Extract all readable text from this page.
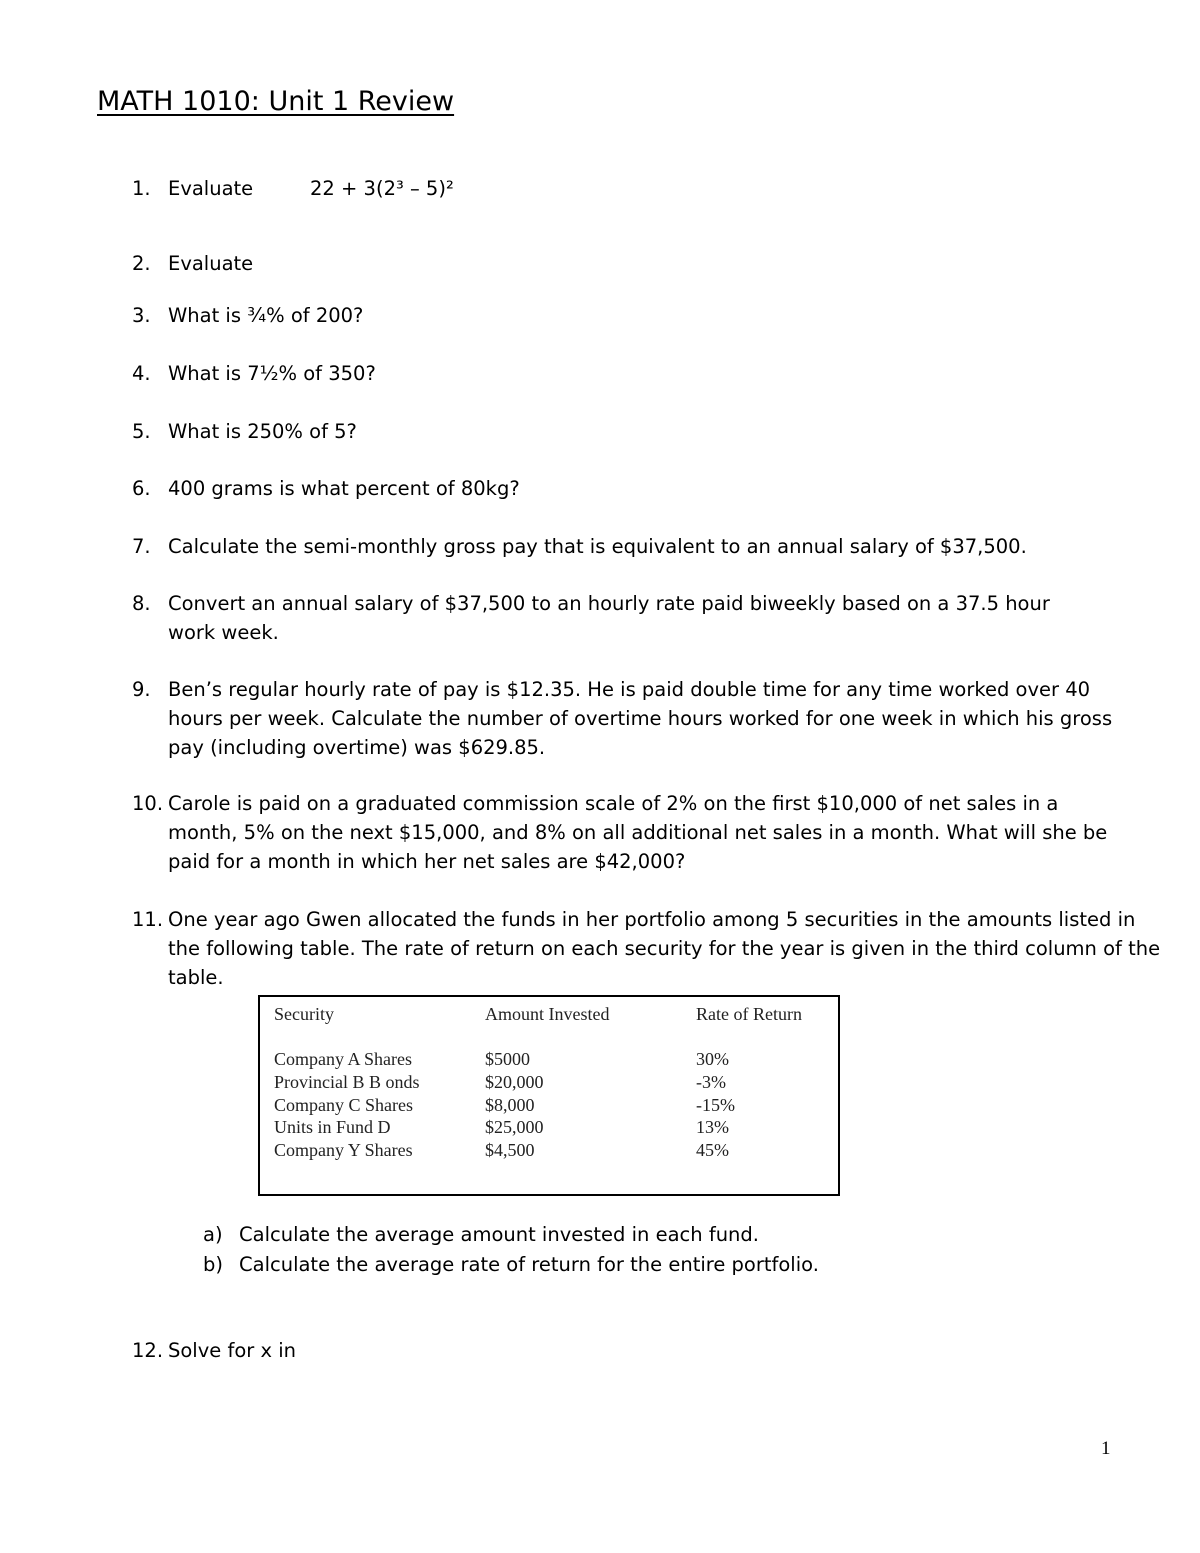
MATH 1010: Unit 1 Review
1. Evaluate	22 + 3(2³ – 5)²
2. Evaluate
3. What is ¾% of 200?
4. What is 7½% of 350?
5. What is 250% of 5?
6. 400 grams is what percent of 80kg?
7. Calculate the semi-monthly gross pay that is equivalent to an annual salary of $37,500.
8. Convert an annual salary of $37,500 to an hourly rate paid biweekly based on a 37.5 hour work week.
9. Ben’s regular hourly rate of pay is $12.35. He is paid double time for any time worked over 40 hours per week. Calculate the number of overtime hours worked for one week in which his gross pay (including overtime) was $629.85.
10. Carole is paid on a graduated commission scale of 2% on the first $10,000 of net sales in a month, 5% on the next $15,000, and 8% on all additional net sales in a month. What will she be paid for a month in which her net sales are $42,000?
11. One year ago Gwen allocated the funds in her portfolio among 5 securities in the amounts listed in the following table. The rate of return on each security for the year is given in the third column of the table.
Security	Amount Invested	Rate of Return
Company A Shares	$5000	30%
Provincial B B onds	$20,000	-3%
Company C Shares	$8,000	-15%
Units in Fund D	$25,000	13%
Company Y Shares	$4,500	45%
a) Calculate the average amount invested in each fund.
b) Calculate the average rate of return for the entire portfolio.
12. Solve for x in
1
